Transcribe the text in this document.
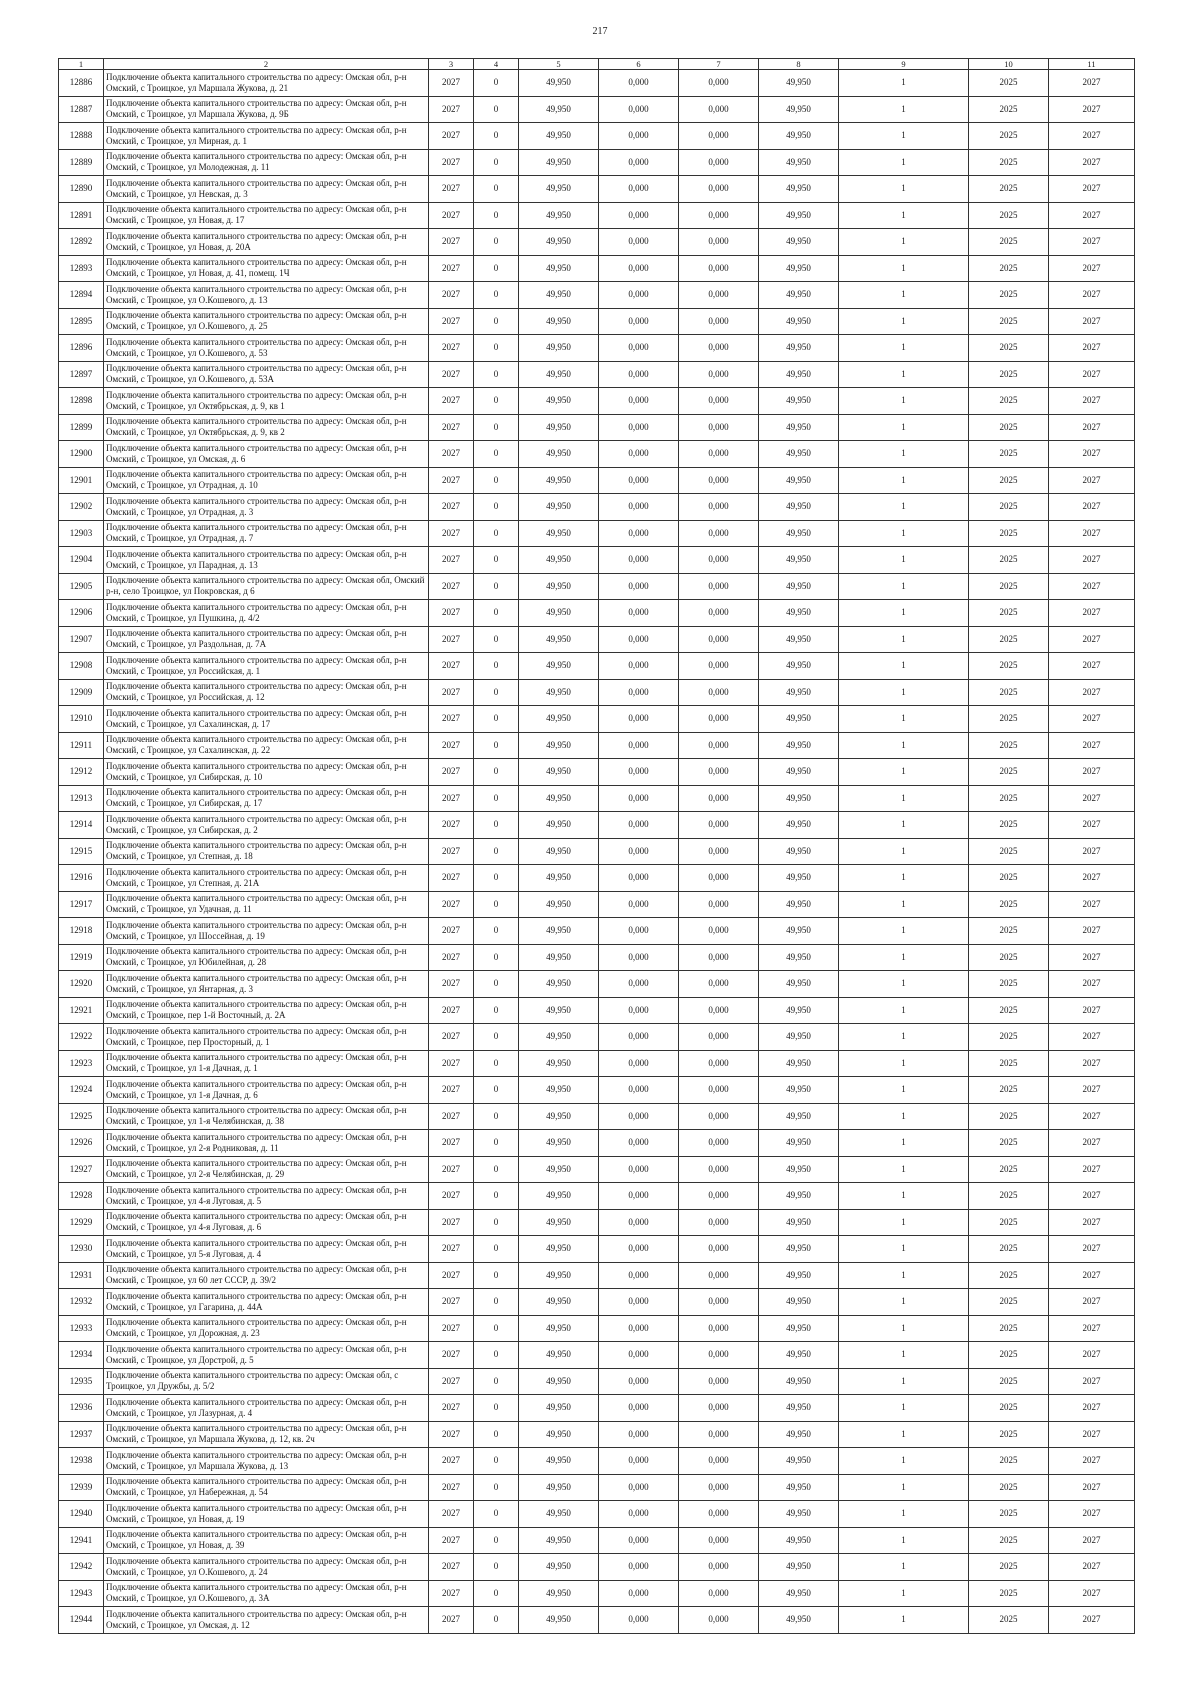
217
1	2	3	4	5	6	7	8	9	10	11
12886	Подключение объекта капитального строительства по адресу: Омская обл, р-н Омский, с Троицкое, ул Маршала Жукова, д. 21	2027	0	49,950	0,000	0,000	49,950	1	2025	2027
12887	Подключение объекта капитального строительства по адресу: Омская обл, р-н Омский, с Троицкое, ул Маршала Жукова, д. 9Б	2027	0	49,950	0,000	0,000	49,950	1	2025	2027
12888	Подключение объекта капитального строительства по адресу: Омская обл, р-н Омский, с Троицкое, ул Мирная, д. 1	2027	0	49,950	0,000	0,000	49,950	1	2025	2027
12889	Подключение объекта капитального строительства по адресу: Омская обл, р-н Омский, с Троицкое, ул Молодежная, д. 11	2027	0	49,950	0,000	0,000	49,950	1	2025	2027
12890	Подключение объекта капитального строительства по адресу: Омская обл, р-н Омский, с Троицкое, ул Невская, д. 3	2027	0	49,950	0,000	0,000	49,950	1	2025	2027
12891	Подключение объекта капитального строительства по адресу: Омская обл, р-н Омский, с Троицкое, ул Новая, д. 17	2027	0	49,950	0,000	0,000	49,950	1	2025	2027
12892	Подключение объекта капитального строительства по адресу: Омская обл, р-н Омский, с Троицкое, ул Новая, д. 20А	2027	0	49,950	0,000	0,000	49,950	1	2025	2027
12893	Подключение объекта капитального строительства по адресу: Омская обл, р-н Омский, с Троицкое, ул Новая, д. 41, помещ. 1Ч	2027	0	49,950	0,000	0,000	49,950	1	2025	2027
12894	Подключение объекта капитального строительства по адресу: Омская обл, р-н Омский, с Троицкое, ул О.Кошевого, д. 13	2027	0	49,950	0,000	0,000	49,950	1	2025	2027
12895	Подключение объекта капитального строительства по адресу: Омская обл, р-н Омский, с Троицкое, ул О.Кошевого, д. 25	2027	0	49,950	0,000	0,000	49,950	1	2025	2027
12896	Подключение объекта капитального строительства по адресу: Омская обл, р-н Омский, с Троицкое, ул О.Кошевого, д. 53	2027	0	49,950	0,000	0,000	49,950	1	2025	2027
12897	Подключение объекта капитального строительства по адресу: Омская обл, р-н Омский, с Троицкое, ул О.Кошевого, д. 53А	2027	0	49,950	0,000	0,000	49,950	1	2025	2027
12898	Подключение объекта капитального строительства по адресу: Омская обл, р-н Омский, с Троицкое, ул Октябрьская, д. 9, кв 1	2027	0	49,950	0,000	0,000	49,950	1	2025	2027
12899	Подключение объекта капитального строительства по адресу: Омская обл, р-н Омский, с Троицкое, ул Октябрьская, д. 9, кв 2	2027	0	49,950	0,000	0,000	49,950	1	2025	2027
12900	Подключение объекта капитального строительства по адресу: Омская обл, р-н Омский, с Троицкое, ул Омская, д. 6	2027	0	49,950	0,000	0,000	49,950	1	2025	2027
12901	Подключение объекта капитального строительства по адресу: Омская обл, р-н Омский, с Троицкое, ул Отрадная, д. 10	2027	0	49,950	0,000	0,000	49,950	1	2025	2027
12902	Подключение объекта капитального строительства по адресу: Омская обл, р-н Омский, с Троицкое, ул Отрадная, д. 3	2027	0	49,950	0,000	0,000	49,950	1	2025	2027
12903	Подключение объекта капитального строительства по адресу: Омская обл, р-н Омский, с Троицкое, ул Отрадная, д. 7	2027	0	49,950	0,000	0,000	49,950	1	2025	2027
12904	Подключение объекта капитального строительства по адресу: Омская обл, р-н Омский, с Троицкое, ул Парадная, д. 13	2027	0	49,950	0,000	0,000	49,950	1	2025	2027
12905	Подключение объекта капитального строительства по адресу: Омская обл, Омский р-н, село Троицкое, ул Покровская, д 6	2027	0	49,950	0,000	0,000	49,950	1	2025	2027
12906	Подключение объекта капитального строительства по адресу: Омская обл, р-н Омский, с Троицкое, ул Пушкина, д. 4/2	2027	0	49,950	0,000	0,000	49,950	1	2025	2027
12907	Подключение объекта капитального строительства по адресу: Омская обл, р-н Омский, с Троицкое, ул Раздольная, д. 7А	2027	0	49,950	0,000	0,000	49,950	1	2025	2027
12908	Подключение объекта капитального строительства по адресу: Омская обл, р-н Омский, с Троицкое, ул Российская, д. 1	2027	0	49,950	0,000	0,000	49,950	1	2025	2027
12909	Подключение объекта капитального строительства по адресу: Омская обл, р-н Омский, с Троицкое, ул Российская, д. 12	2027	0	49,950	0,000	0,000	49,950	1	2025	2027
12910	Подключение объекта капитального строительства по адресу: Омская обл, р-н Омский, с Троицкое, ул Сахалинская, д. 17	2027	0	49,950	0,000	0,000	49,950	1	2025	2027
12911	Подключение объекта капитального строительства по адресу: Омская обл, р-н Омский, с Троицкое, ул Сахалинская, д. 22	2027	0	49,950	0,000	0,000	49,950	1	2025	2027
12912	Подключение объекта капитального строительства по адресу: Омская обл, р-н Омский, с Троицкое, ул Сибирская, д. 10	2027	0	49,950	0,000	0,000	49,950	1	2025	2027
12913	Подключение объекта капитального строительства по адресу: Омская обл, р-н Омский, с Троицкое, ул Сибирская, д. 17	2027	0	49,950	0,000	0,000	49,950	1	2025	2027
12914	Подключение объекта капитального строительства по адресу: Омская обл, р-н Омский, с Троицкое, ул Сибирская, д. 2	2027	0	49,950	0,000	0,000	49,950	1	2025	2027
12915	Подключение объекта капитального строительства по адресу: Омская обл, р-н Омский, с Троицкое, ул Степная, д. 18	2027	0	49,950	0,000	0,000	49,950	1	2025	2027
12916	Подключение объекта капитального строительства по адресу: Омская обл, р-н Омский, с Троицкое, ул Степная, д. 21А	2027	0	49,950	0,000	0,000	49,950	1	2025	2027
12917	Подключение объекта капитального строительства по адресу: Омская обл, р-н Омский, с Троицкое, ул Удачная, д. 11	2027	0	49,950	0,000	0,000	49,950	1	2025	2027
12918	Подключение объекта капитального строительства по адресу: Омская обл, р-н Омский, с Троицкое, ул Шоссейная, д. 19	2027	0	49,950	0,000	0,000	49,950	1	2025	2027
12919	Подключение объекта капитального строительства по адресу: Омская обл, р-н Омский, с Троицкое, ул Юбилейная, д. 28	2027	0	49,950	0,000	0,000	49,950	1	2025	2027
12920	Подключение объекта капитального строительства по адресу: Омская обл, р-н Омский, с Троицкое, ул Янтарная, д. 3	2027	0	49,950	0,000	0,000	49,950	1	2025	2027
12921	Подключение объекта капитального строительства по адресу: Омская обл, р-н Омский, с Троицкое, пер 1-й Восточный, д. 2А	2027	0	49,950	0,000	0,000	49,950	1	2025	2027
12922	Подключение объекта капитального строительства по адресу: Омская обл, р-н Омский, с Троицкое, пер Просторный, д. 1	2027	0	49,950	0,000	0,000	49,950	1	2025	2027
12923	Подключение объекта капитального строительства по адресу: Омская обл, р-н Омский, с Троицкое, ул 1-я Дачная, д. 1	2027	0	49,950	0,000	0,000	49,950	1	2025	2027
12924	Подключение объекта капитального строительства по адресу: Омская обл, р-н Омский, с Троицкое, ул 1-я Дачная, д. 6	2027	0	49,950	0,000	0,000	49,950	1	2025	2027
12925	Подключение объекта капитального строительства по адресу: Омская обл, р-н Омский, с Троицкое, ул 1-я Челябинская, д. 38	2027	0	49,950	0,000	0,000	49,950	1	2025	2027
12926	Подключение объекта капитального строительства по адресу: Омская обл, р-н Омский, с Троицкое, ул 2-я Родниковая, д. 11	2027	0	49,950	0,000	0,000	49,950	1	2025	2027
12927	Подключение объекта капитального строительства по адресу: Омская обл, р-н Омский, с Троицкое, ул 2-я Челябинская, д. 29	2027	0	49,950	0,000	0,000	49,950	1	2025	2027
12928	Подключение объекта капитального строительства по адресу: Омская обл, р-н Омский, с Троицкое, ул 4-я Луговая, д. 5	2027	0	49,950	0,000	0,000	49,950	1	2025	2027
12929	Подключение объекта капитального строительства по адресу: Омская обл, р-н Омский, с Троицкое, ул 4-я Луговая, д. 6	2027	0	49,950	0,000	0,000	49,950	1	2025	2027
12930	Подключение объекта капитального строительства по адресу: Омская обл, р-н Омский, с Троицкое, ул 5-я Луговая, д. 4	2027	0	49,950	0,000	0,000	49,950	1	2025	2027
12931	Подключение объекта капитального строительства по адресу: Омская обл, р-н Омский, с Троицкое, ул 60 лет СССР, д. 39/2	2027	0	49,950	0,000	0,000	49,950	1	2025	2027
12932	Подключение объекта капитального строительства по адресу: Омская обл, р-н Омский, с Троицкое, ул Гагарина, д. 44А	2027	0	49,950	0,000	0,000	49,950	1	2025	2027
12933	Подключение объекта капитального строительства по адресу: Омская обл, р-н Омский, с Троицкое, ул Дорожная, д. 23	2027	0	49,950	0,000	0,000	49,950	1	2025	2027
12934	Подключение объекта капитального строительства по адресу: Омская обл, р-н Омский, с Троицкое, ул Дорстрой, д. 5	2027	0	49,950	0,000	0,000	49,950	1	2025	2027
12935	Подключение объекта капитального строительства по адресу: Омская обл, с Троицкое, ул Дружбы, д. 5/2	2027	0	49,950	0,000	0,000	49,950	1	2025	2027
12936	Подключение объекта капитального строительства по адресу: Омская обл, р-н Омский, с Троицкое, ул Лазурная, д. 4	2027	0	49,950	0,000	0,000	49,950	1	2025	2027
12937	Подключение объекта капитального строительства по адресу: Омская обл, р-н Омский, с Троицкое, ул Маршала Жукова, д. 12, кв. 2ч	2027	0	49,950	0,000	0,000	49,950	1	2025	2027
12938	Подключение объекта капитального строительства по адресу: Омская обл, р-н Омский, с Троицкое, ул Маршала Жукова, д. 13	2027	0	49,950	0,000	0,000	49,950	1	2025	2027
12939	Подключение объекта капитального строительства по адресу: Омская обл, р-н Омский, с Троицкое, ул Набережная, д. 54	2027	0	49,950	0,000	0,000	49,950	1	2025	2027
12940	Подключение объекта капитального строительства по адресу: Омская обл, р-н Омский, с Троицкое, ул Новая, д. 19	2027	0	49,950	0,000	0,000	49,950	1	2025	2027
12941	Подключение объекта капитального строительства по адресу: Омская обл, р-н Омский, с Троицкое, ул Новая, д. 39	2027	0	49,950	0,000	0,000	49,950	1	2025	2027
12942	Подключение объекта капитального строительства по адресу: Омская обл, р-н Омский, с Троицкое, ул О.Кошевого, д. 24	2027	0	49,950	0,000	0,000	49,950	1	2025	2027
12943	Подключение объекта капитального строительства по адресу: Омская обл, р-н Омский, с Троицкое, ул О.Кошевого, д. 3А	2027	0	49,950	0,000	0,000	49,950	1	2025	2027
12944	Подключение объекта капитального строительства по адресу: Омская обл, р-н Омский, с Троицкое, ул Омская, д. 12	2027	0	49,950	0,000	0,000	49,950	1	2025	2027
